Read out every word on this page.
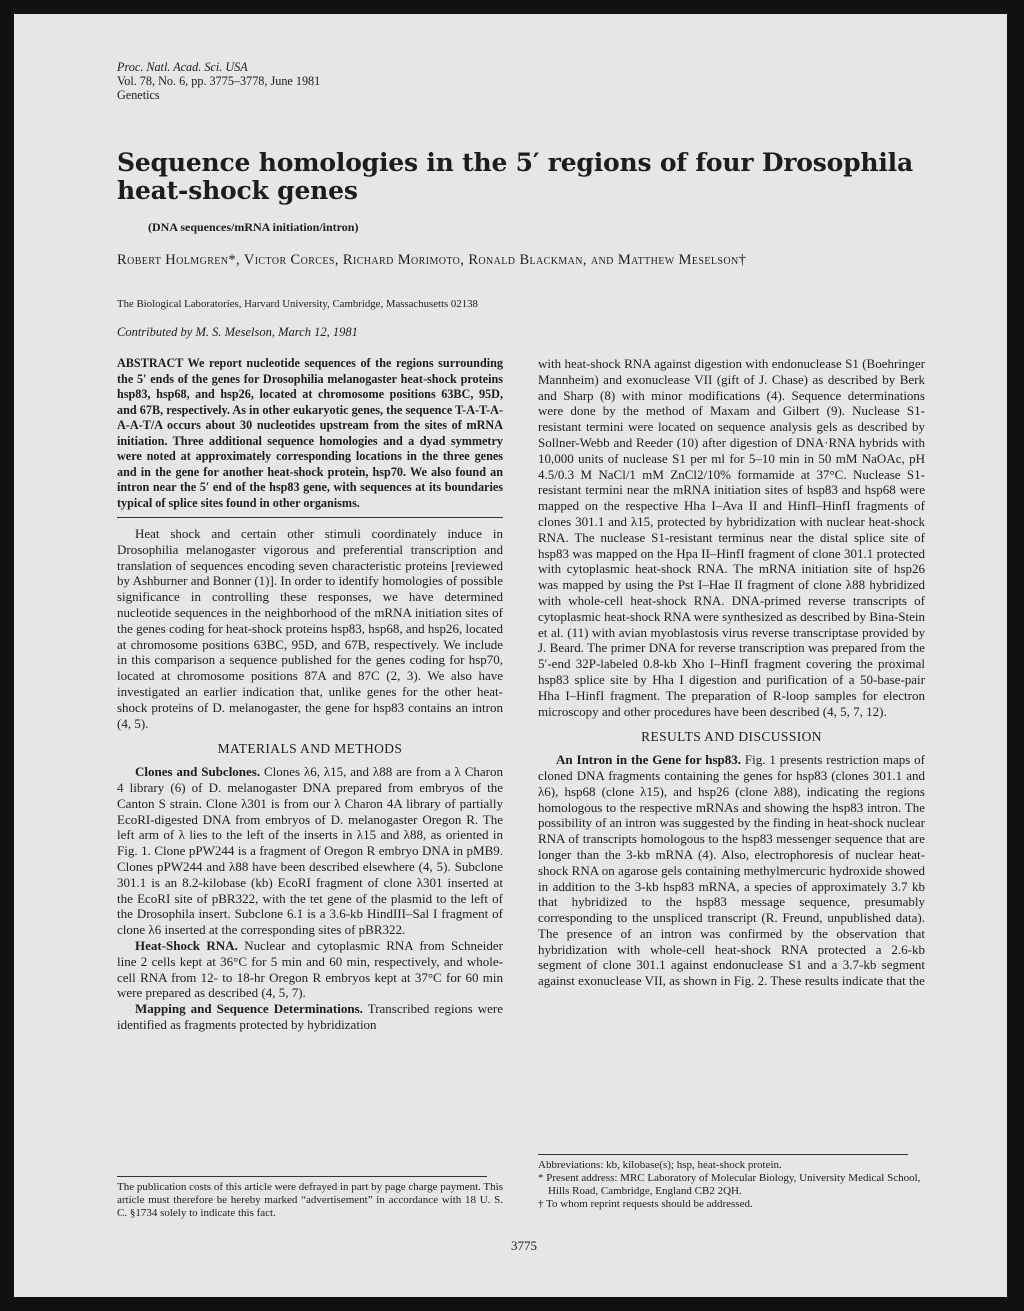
Proc. Natl. Acad. Sci. USA
Vol. 78, No. 6, pp. 3775–3778, June 1981
Genetics
Sequence homologies in the 5′ regions of four Drosophila heat-shock genes
(DNA sequences/mRNA initiation/intron)
Robert Holmgren*, Victor Corces, Richard Morimoto, Ronald Blackman, and Matthew Meselson†
The Biological Laboratories, Harvard University, Cambridge, Massachusetts 02138
Contributed by M. S. Meselson, March 12, 1981

ABSTRACT We report nucleotide sequences of the regions surrounding the 5′ ends of the genes for Drosophilia melanogaster heat-shock proteins hsp83, hsp68, and hsp26, located at chromosome positions 63BC, 95D, and 67B, respectively. As in other eukaryotic genes, the sequence T-A-T-A-A-A-T/A occurs about 30 nucleotides upstream from the sites of mRNA initiation. Three additional sequence homologies and a dyad symmetry were noted at approximately corresponding locations in the three genes and in the gene for another heat-shock protein, hsp70. We also found an intron near the 5′ end of the hsp83 gene, with sequences at its boundaries typical of splice sites found in other organisms.

Heat shock and certain other stimuli coordinately induce in Drosophilia melanogaster vigorous and preferential transcription and translation of sequences encoding seven characteristic proteins [reviewed by Ashburner and Bonner (1)]. In order to identify homologies of possible significance in controlling these responses, we have determined nucleotide sequences in the neighborhood of the mRNA initiation sites of the genes coding for heat-shock proteins hsp83, hsp68, and hsp26, located at chromosome positions 63BC, 95D, and 67B, respectively. We include in this comparison a sequence published for the genes coding for hsp70, located at chromosome positions 87A and 87C (2, 3). We also have investigated an earlier indication that, unlike genes for the other heat-shock proteins of D. melanogaster, the gene for hsp83 contains an intron (4, 5).

MATERIALS AND METHODS

Clones and Subclones. Clones λ6, λ15, and λ88 are from a λ Charon 4 library (6) of D. melanogaster DNA prepared from embryos of the Canton S strain. Clone λ301 is from our λ Charon 4A library of partially EcoRI-digested DNA from embryos of D. melanogaster Oregon R. The left arm of λ lies to the left of the inserts in λ15 and λ88, as oriented in Fig. 1. Clone pPW244 is a fragment of Oregon R embryo DNA in pMB9. Clones pPW244 and λ88 have been described elsewhere (4, 5). Subclone 301.1 is an 8.2-kilobase (kb) EcoRI fragment of clone λ301 inserted at the EcoRI site of pBR322, with the tet gene of the plasmid to the left of the Drosophila insert. Subclone 6.1 is a 3.6-kb HindIII–Sal I fragment of clone λ6 inserted at the corresponding sites of pBR322.

Heat-Shock RNA. Nuclear and cytoplasmic RNA from Schneider line 2 cells kept at 36°C for 5 min and 60 min, respectively, and whole-cell RNA from 12- to 18-hr Oregon R embryos kept at 37°C for 60 min were prepared as described (4, 5, 7).

Mapping and Sequence Determinations. Transcribed regions were identified as fragments protected by hybridization

with heat-shock RNA against digestion with endonuclease S1 (Boehringer Mannheim) and exonuclease VII (gift of J. Chase) as described by Berk and Sharp (8) with minor modifications (4). Sequence determinations were done by the method of Maxam and Gilbert (9). Nuclease S1-resistant termini were located on sequence analysis gels as described by Sollner-Webb and Reeder (10) after digestion of DNA·RNA hybrids with 10,000 units of nuclease S1 per ml for 5–10 min in 50 mM NaOAc, pH 4.5/0.3 M NaCl/1 mM ZnCl2/10% formamide at 37°C. Nuclease S1-resistant termini near the mRNA initiation sites of hsp83 and hsp68 were mapped on the respective Hha I–Ava II and HinfI–HinfI fragments of clones 301.1 and λ15, protected by hybridization with nuclear heat-shock RNA. The nuclease S1-resistant terminus near the distal splice site of hsp83 was mapped on the Hpa II–HinfI fragment of clone 301.1 protected with cytoplasmic heat-shock RNA. The mRNA initiation site of hsp26 was mapped by using the Pst I–Hae II fragment of clone λ88 hybridized with whole-cell heat-shock RNA. DNA-primed reverse transcripts of cytoplasmic heat-shock RNA were synthesized as described by Bina-Stein et al. (11) with avian myoblastosis virus reverse transcriptase provided by J. Beard. The primer DNA for reverse transcription was prepared from the 5′-end 32P-labeled 0.8-kb Xho I–HinfI fragment covering the proximal hsp83 splice site by Hha I digestion and purification of a 50-base-pair Hha I–HinfI fragment. The preparation of R-loop samples for electron microscopy and other procedures have been described (4, 5, 7, 12).

RESULTS AND DISCUSSION

An Intron in the Gene for hsp83. Fig. 1 presents restriction maps of cloned DNA fragments containing the genes for hsp83 (clones 301.1 and λ6), hsp68 (clone λ15), and hsp26 (clone λ88), indicating the regions homologous to the respective mRNAs and showing the hsp83 intron. The possibility of an intron was suggested by the finding in heat-shock nuclear RNA of transcripts homologous to the hsp83 messenger sequence that are longer than the 3-kb mRNA (4). Also, electrophoresis of nuclear heat-shock RNA on agarose gels containing methylmercuric hydroxide showed in addition to the 3-kb hsp83 mRNA, a species of approximately 3.7 kb that hybridized to the hsp83 message sequence, presumably corresponding to the unspliced transcript (R. Freund, unpublished data). The presence of an intron was confirmed by the observation that hybridization with whole-cell heat-shock RNA protected a 2.6-kb segment of clone 301.1 against endonuclease S1 and a 3.7-kb segment against exonuclease VII, as shown in Fig. 2. These results indicate that the

The publication costs of this article were defrayed in part by page charge payment. This article must therefore be hereby marked “advertisement” in accordance with 18 U. S. C. §1734 solely to indicate this fact.
Abbreviations: kb, kilobase(s); hsp, heat-shock protein.
* Present address: MRC Laboratory of Molecular Biology, University Medical School, Hills Road, Cambridge, England CB2 2QH.
† To whom reprint requests should be addressed.
3775
